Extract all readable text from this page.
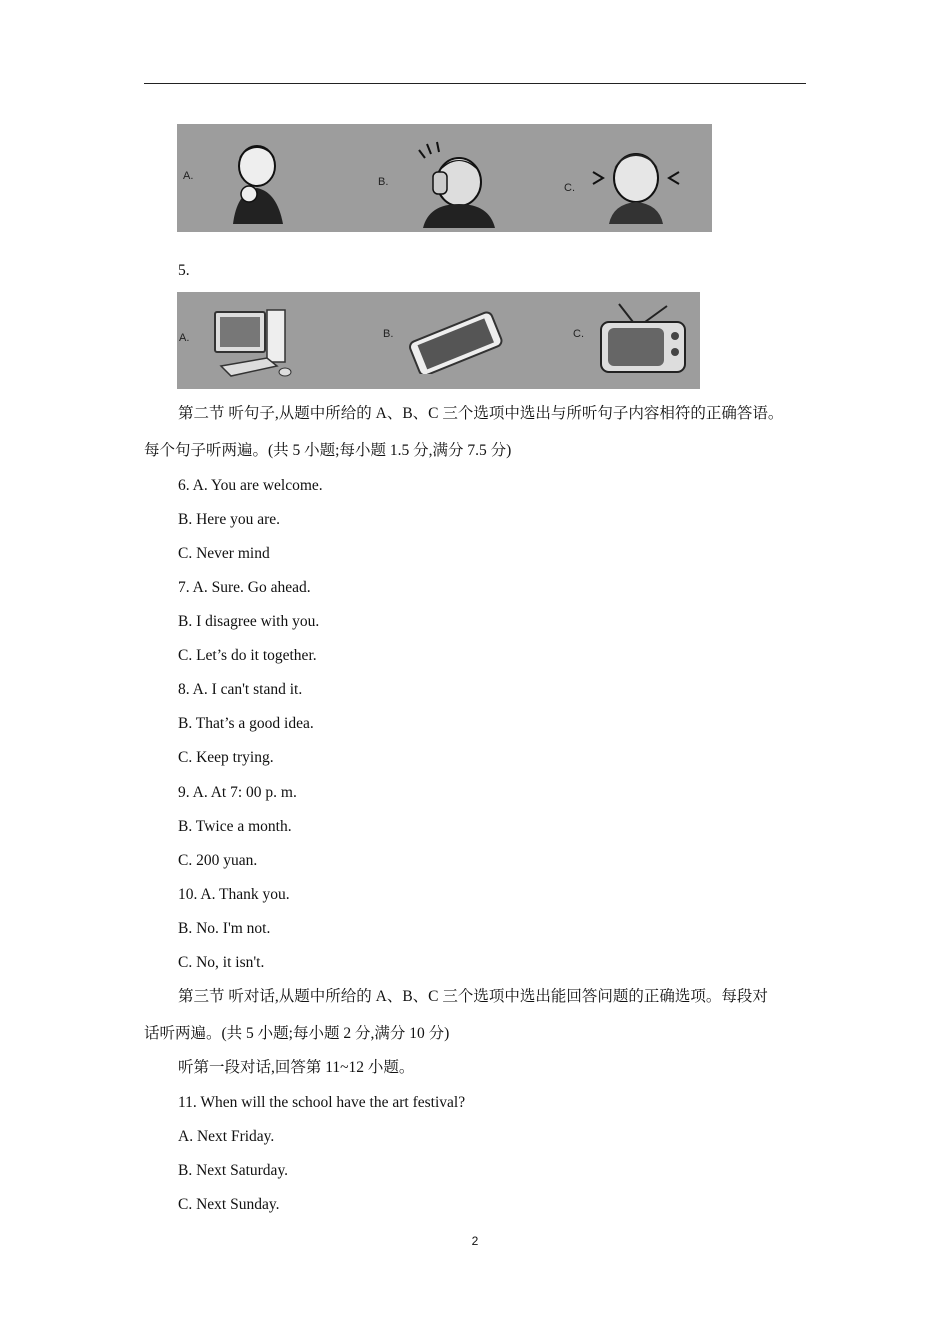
A.	B.	C.
5.
A.	B.	C.
第二节 听句子,从题中所给的 A、B、C 三个选项中选出与所听句子内容相符的正确答语。
每个句子听两遍。(共 5 小题;每小题 1.5 分,满分 7.5 分)
6. A. You are welcome.
B. Here you are.
C. Never mind
7. A. Sure. Go ahead.
B. I disagree with you.
C. Let’s do it together.
8. A. I can't stand it.
B. That’s a good idea.
C. Keep trying.
9. A. At 7: 00 p. m.
B. Twice a month.
C. 200 yuan.
10. A. Thank you.
B. No. I'm not.
C. No, it isn't.
第三节 听对话,从题中所给的 A、B、C 三个选项中选出能回答问题的正确选项。每段对
话听两遍。(共 5 小题;每小题 2 分,满分 10 分)
听第一段对话,回答第 11~12 小题。
11. When will the school have the art festival?
A. Next Friday.
B. Next Saturday.
C. Next Sunday.
2
